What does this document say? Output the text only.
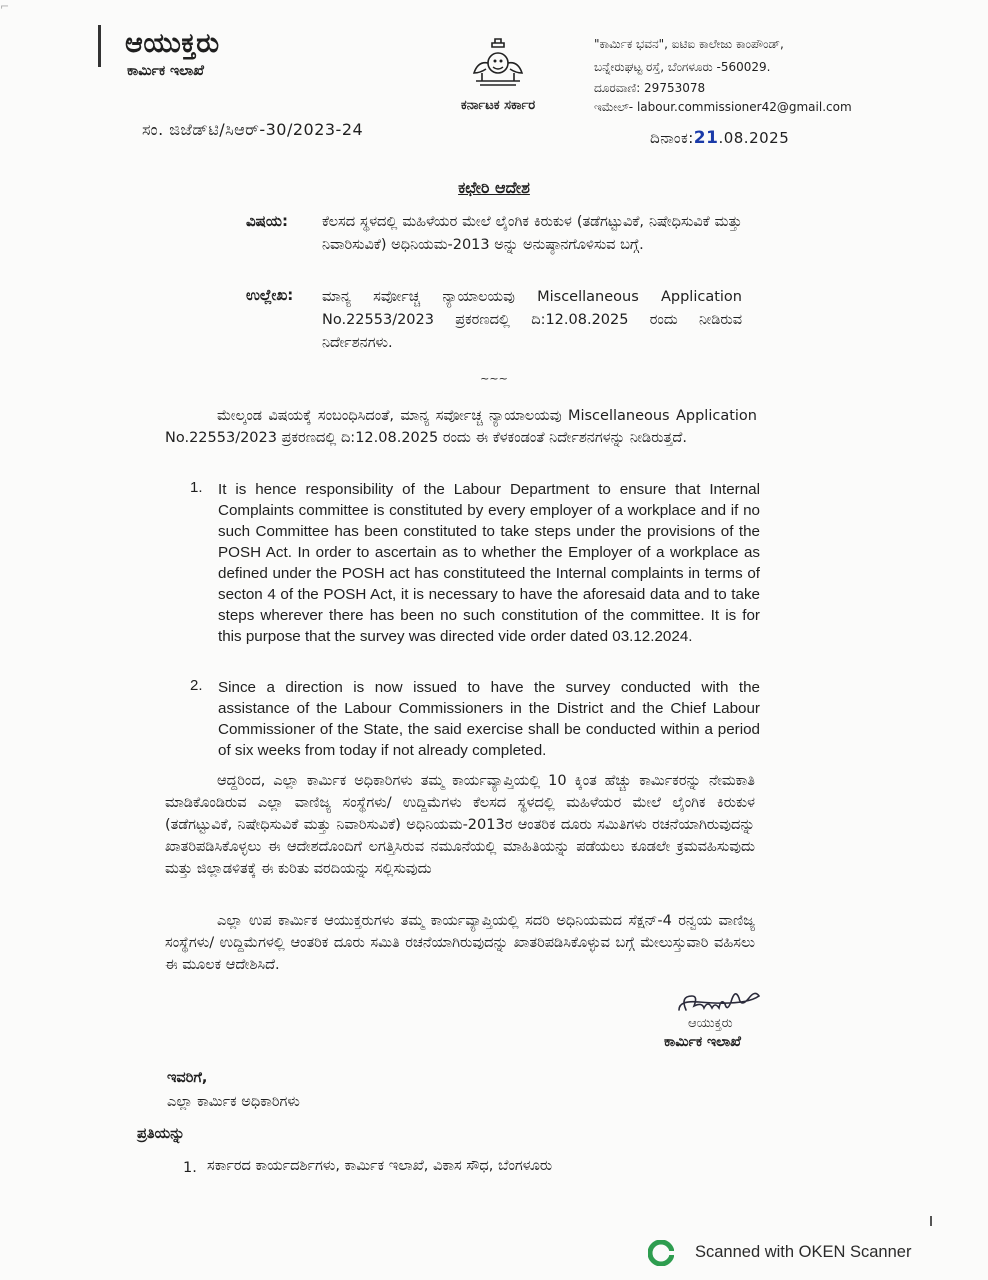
⌐
ಆಯುಕ್ತರು
ಕಾರ್ಮಿಕ ಇಲಾಖೆ
ಕರ್ನಾಟಕ ಸರ್ಕಾರ
"ಕಾರ್ಮಿಕ ಭವನ", ಐಟಿಐ ಕಾಲೇಜು ಕಾಂಪೌಂಡ್,
ಬನ್ನೇರುಘಟ್ಟ ರಸ್ತೆ, ಬೆಂಗಳೂರು -560029.
ದೂರವಾಣಿ: 29753078
ಇಮೇಲ್- labour.commissioner42@gmail.com
ಸಂ. ಜಿಜೆಡ್‌ಟಿ/ಸಿಆರ್-30/2023-24	ದಿನಾಂಕ:21.08.2025
ಕಛೇರಿ ಆದೇಶ
ವಿಷಯ: ಕೆಲಸದ ಸ್ಥಳದಲ್ಲಿ ಮಹಿಳೆಯರ ಮೇಲೆ ಲೈಂಗಿಕ ಕಿರುಕುಳ (ತಡೆಗಟ್ಟುವಿಕೆ, ನಿಷೇಧಿಸುವಿಕೆ ಮತ್ತು ನಿವಾರಿಸುವಿಕೆ) ಅಧಿನಿಯಮ-2013 ಅನ್ನು ಅನುಷ್ಠಾನಗೊಳಿಸುವ ಬಗ್ಗೆ.
ಉಲ್ಲೇಖ: ಮಾನ್ಯ ಸರ್ವೋಚ್ಚ ನ್ಯಾಯಾಲಯವು Miscellaneous Application No.22553/2023 ಪ್ರಕರಣದಲ್ಲಿ ದಿ:12.08.2025 ರಂದು ನೀಡಿರುವ ನಿರ್ದೇಶನಗಳು.
~~~
ಮೇಲ್ಕಂಡ ವಿಷಯಕ್ಕೆ ಸಂಬಂಧಿಸಿದಂತೆ, ಮಾನ್ಯ ಸರ್ವೋಚ್ಚ ನ್ಯಾಯಾಲಯವು Miscellaneous Application No.22553/2023 ಪ್ರಕರಣದಲ್ಲಿ ದಿ:12.08.2025 ರಂದು ಈ ಕೆಳಕಂಡಂತೆ ನಿರ್ದೇಶನಗಳನ್ನು ನೀಡಿರುತ್ತದೆ.
1. It is hence responsibility of the Labour Department to ensure that Internal Complaints committee is constituted by every employer of a workplace and if no such Committee has been constituted to take steps under the provisions of the POSH Act. In order to ascertain as to whether the Employer of a workplace as defined under the POSH act has constituteed the Internal complaints in terms of secton 4 of the POSH Act, it is necessary to have the aforesaid data and to take steps wherever there has been no such constitution of the committee. It is for this purpose that the survey was directed vide order dated 03.12.2024.
2. Since a direction is now issued to have the survey conducted with the assistance of the Labour Commissioners in the District and the Chief Labour Commissioner of the State, the said exercise shall be conducted within a period of six weeks from today if not already completed.
ಆದ್ದರಿಂದ, ಎಲ್ಲಾ ಕಾರ್ಮಿಕ ಅಧಿಕಾರಿಗಳು ತಮ್ಮ ಕಾರ್ಯವ್ಯಾಪ್ತಿಯಲ್ಲಿ 10 ಕ್ಕಿಂತ ಹೆಚ್ಚು ಕಾರ್ಮಿಕರನ್ನು ನೇಮಕಾತಿ ಮಾಡಿಕೊಂಡಿರುವ ಎಲ್ಲಾ ವಾಣಿಜ್ಯ ಸಂಸ್ಥೆಗಳು/ ಉದ್ದಿಮೆಗಳು ಕೆಲಸದ ಸ್ಥಳದಲ್ಲಿ ಮಹಿಳೆಯರ ಮೇಲೆ ಲೈಂಗಿಕ ಕಿರುಕುಳ (ತಡೆಗಟ್ಟುವಿಕೆ, ನಿಷೇಧಿಸುವಿಕೆ ಮತ್ತು ನಿವಾರಿಸುವಿಕೆ) ಅಧಿನಿಯಮ-2013ರ ಆಂತರಿಕ ದೂರು ಸಮಿತಿಗಳು ರಚನೆಯಾಗಿರುವುದನ್ನು ಖಾತರಿಪಡಿಸಿಕೊಳ್ಳಲು ಈ ಆದೇಶದೊಂದಿಗೆ ಲಗತ್ತಿಸಿರುವ ನಮೂನೆಯಲ್ಲಿ ಮಾಹಿತಿಯನ್ನು ಪಡೆಯಲು ಕೂಡಲೇ ಕ್ರಮವಹಿಸುವುದು ಮತ್ತು ಜಿಲ್ಲಾಡಳಿತಕ್ಕೆ ಈ ಕುರಿತು ವರದಿಯನ್ನು ಸಲ್ಲಿಸುವುದು
ಎಲ್ಲಾ ಉಪ ಕಾರ್ಮಿಕ ಆಯುಕ್ತರುಗಳು ತಮ್ಮ ಕಾರ್ಯವ್ಯಾಪ್ತಿಯಲ್ಲಿ ಸದರಿ ಅಧಿನಿಯಮದ ಸೆಕ್ಷನ್-4 ರನ್ವಯ ವಾಣಿಜ್ಯ ಸಂಸ್ಥೆಗಳು/ ಉದ್ದಿಮೆಗಳಲ್ಲಿ ಆಂತರಿಕ ದೂರು ಸಮಿತಿ ರಚನೆಯಾಗಿರುವುದನ್ನು ಖಾತರಿಪಡಿಸಿಕೊಳ್ಳುವ ಬಗ್ಗೆ ಮೇಲುಸ್ತುವಾರಿ ವಹಿಸಲು ಈ ಮೂಲಕ ಆದೇಶಿಸಿದೆ.
ಆಯುಕ್ತರು
ಕಾರ್ಮಿಕ ಇಲಾಖೆ
ಇವರಿಗೆ,
ಎಲ್ಲಾ ಕಾರ್ಮಿಕ ಅಧಿಕಾರಿಗಳು
ಪ್ರತಿಯನ್ನು
1. ಸರ್ಕಾರದ ಕಾರ್ಯದರ್ಶಿಗಳು, ಕಾರ್ಮಿಕ ಇಲಾಖೆ, ವಿಕಾಸ ಸೌಧ, ಬೆಂಗಳೂರು
Scanned with OKEN Scanner
